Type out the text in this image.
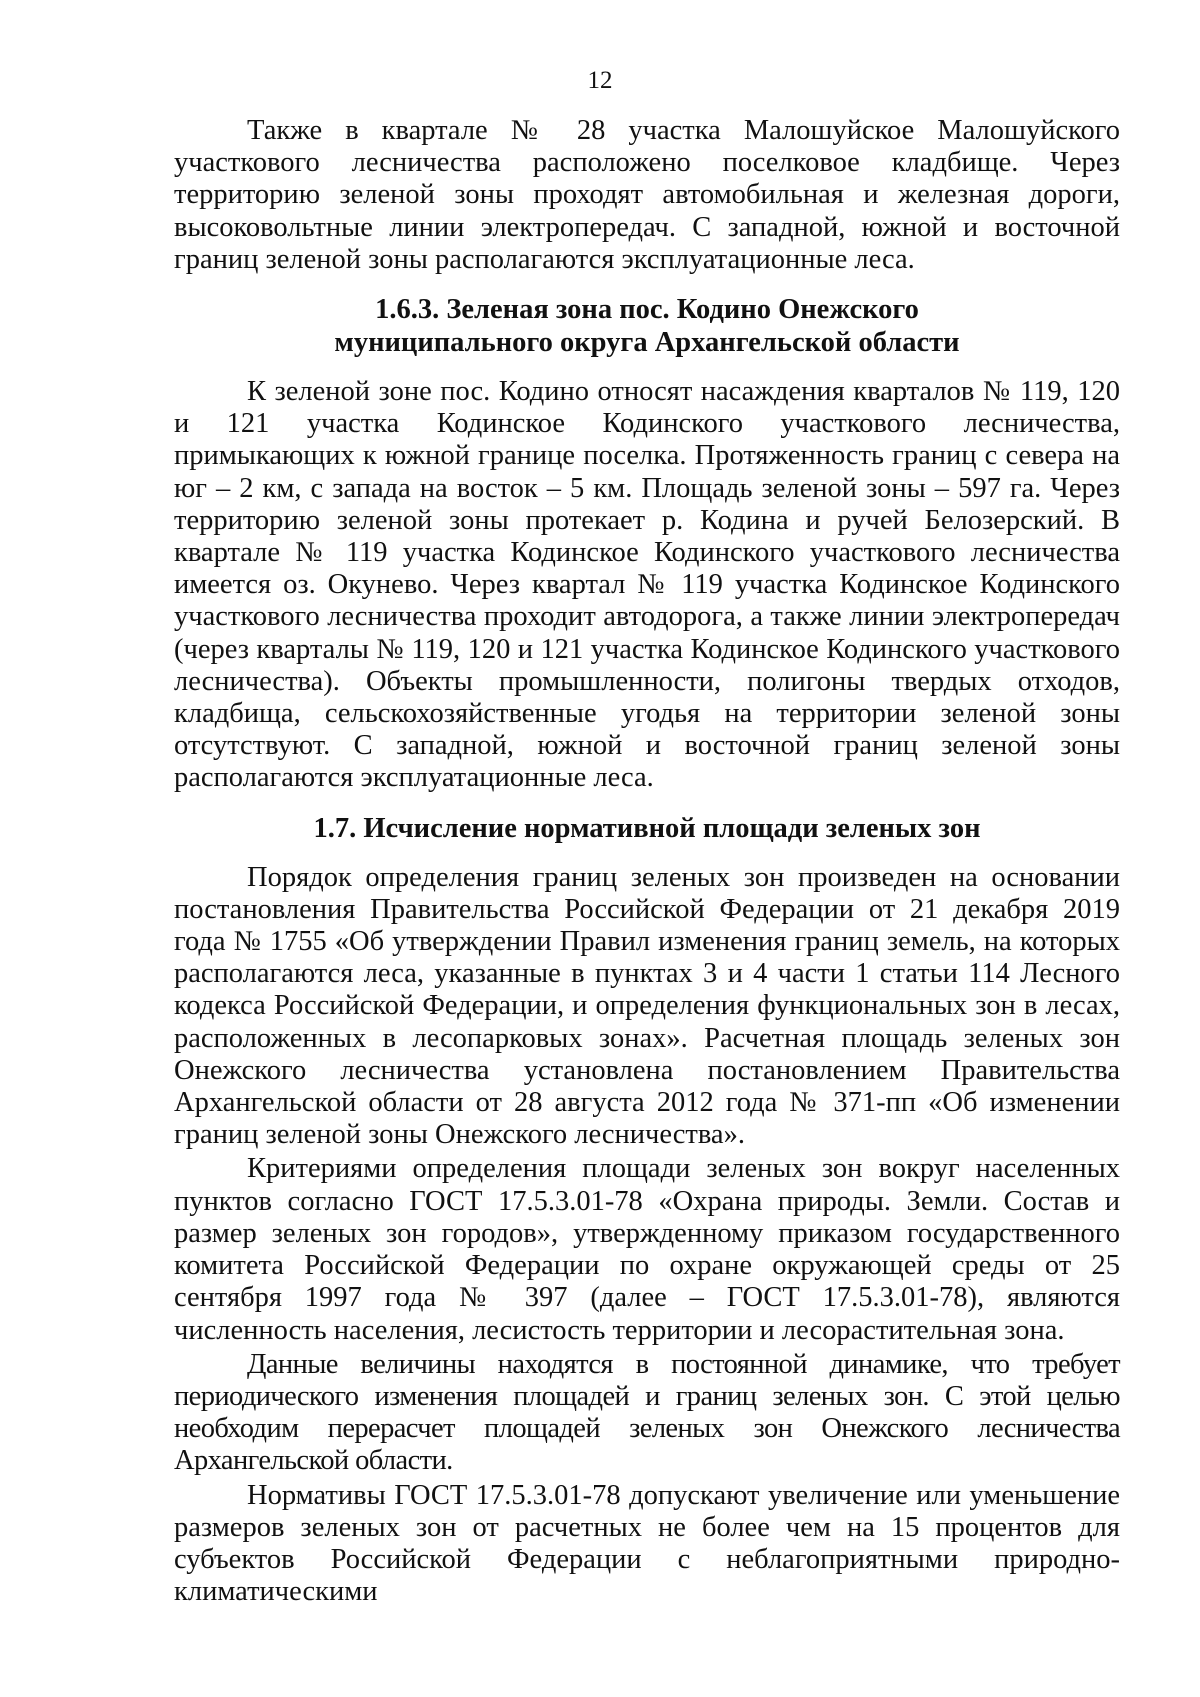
12

Также в квартале № 28 участка Малошуйское Малошуйского участкового лесничества расположено поселковое кладбище. Через территорию зеленой зоны проходят автомобильная и железная дороги, высоковольтные линии электропередач. С западной, южной и восточной границ зеленой зоны располагаются эксплуатационные леса.

1.6.3. Зеленая зона пос. Кодино Онежского
муниципального округа Архангельской области

К зеленой зоне пос. Кодино относят насаждения кварталов № 119, 120 и 121 участка Кодинское Кодинского участкового лесничества, примыкающих к южной границе поселка. Протяженность границ с севера на юг – 2 км, с запада на восток – 5 км. Площадь зеленой зоны – 597 га. Через территорию зеленой зоны протекает р. Кодина и ручей Белозерский. В квартале № 119 участка Кодинское Кодинского участкового лесничества имеется оз. Окунево. Через квартал № 119 участка Кодинское Кодинского участкового лесничества проходит автодорога, а также линии электропередач (через кварталы № 119, 120 и 121 участка Кодинское Кодинского участкового лесничества). Объекты промышленности, полигоны твердых отходов, кладбища, сельскохозяйственные угодья на территории зеленой зоны отсутствуют. С западной, южной и восточной границ зеленой зоны располагаются эксплуатационные леса.

1.7. Исчисление нормативной площади зеленых зон

Порядок определения границ зеленых зон произведен на основании постановления Правительства Российской Федерации от 21 декабря 2019 года № 1755 «Об утверждении Правил изменения границ земель, на которых располагаются леса, указанные в пунктах 3 и 4 части 1 статьи 114 Лесного кодекса Российской Федерации, и определения функциональных зон в лесах, расположенных в лесопарковых зонах». Расчетная площадь зеленых зон Онежского лесничества установлена постановлением Правительства Архангельской области от 28 августа 2012 года № 371-пп «Об изменении границ зеленой зоны Онежского лесничества».

Критериями определения площади зеленых зон вокруг населенных пунктов согласно ГОСТ 17.5.3.01-78 «Охрана природы. Земли. Состав и размер зеленых зон городов», утвержденному приказом государственного комитета Российской Федерации по охране окружающей среды от 25 сентября 1997 года № 397 (далее – ГОСТ 17.5.3.01-78), являются численность населения, лесистость территории и лесорастительная зона.

Данные величины находятся в постоянной динамике, что требует периодического изменения площадей и границ зеленых зон. С этой целью необходим перерасчет площадей зеленых зон Онежского лесничества Архангельской области.

Нормативы ГОСТ 17.5.3.01-78 допускают увеличение или уменьшение размеров зеленых зон от расчетных не более чем на 15 процентов для субъектов Российской Федерации с неблагоприятными природно-климатическими
